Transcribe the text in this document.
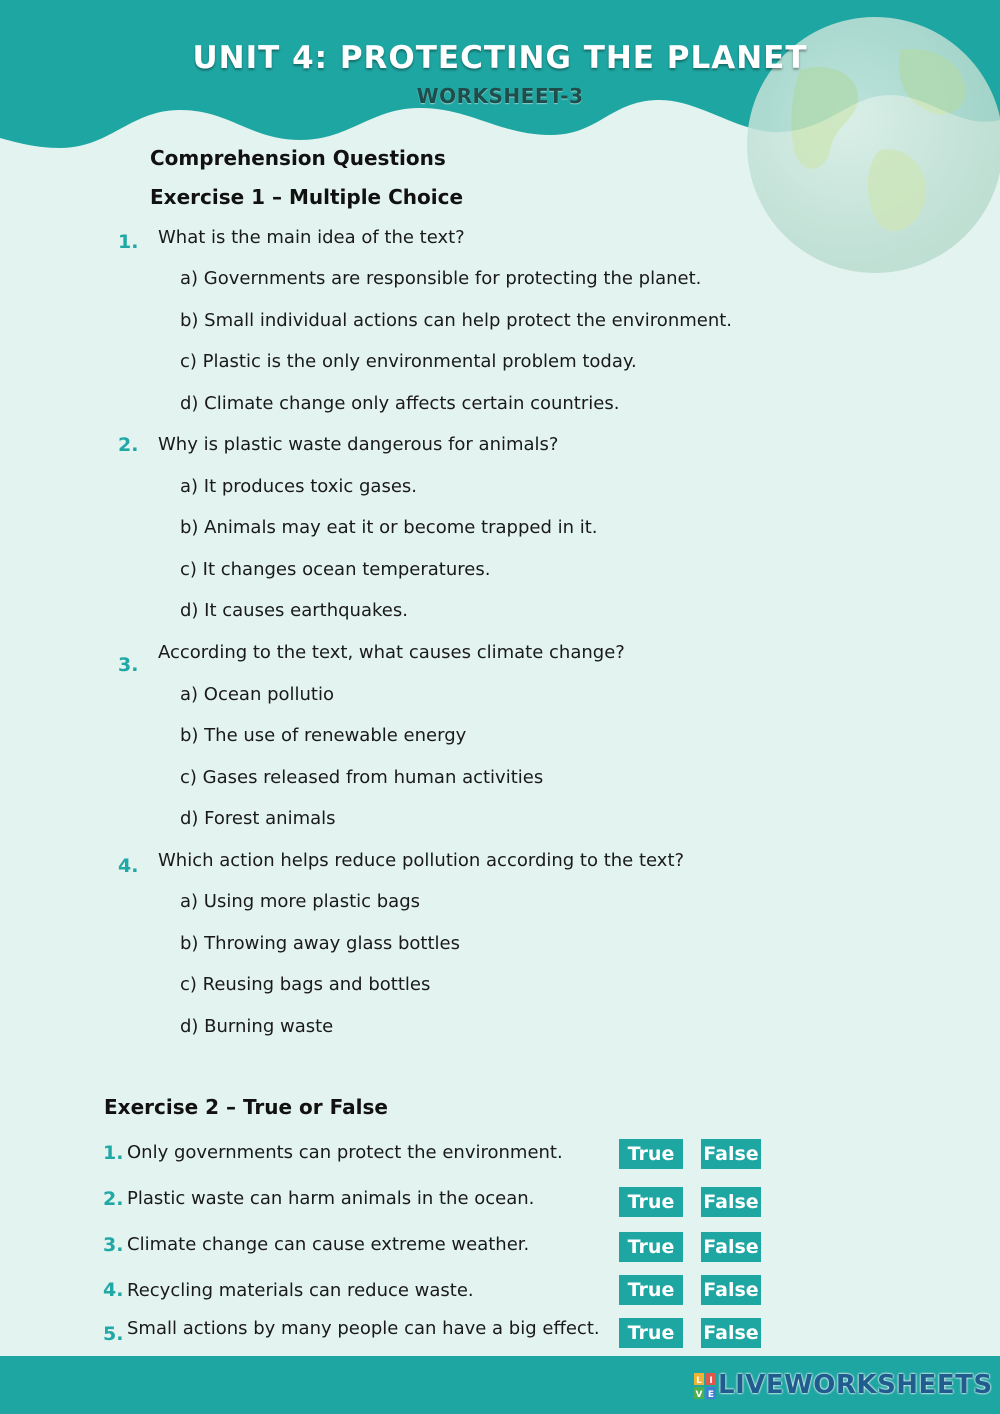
UNIT 4: PROTECTING THE PLANET
WORKSHEET-3
Comprehension Questions
Exercise 1 – Multiple Choice
1. What is the main idea of the text?
a) Governments are responsible for protecting the planet.
b) Small individual actions can help protect the environment.
c) Plastic is the only environmental problem today.
d) Climate change only affects certain countries.
2. Why is plastic waste dangerous for animals?
a) It produces toxic gases.
b) Animals may eat it or become trapped in it.
c) It changes ocean temperatures.
d) It causes earthquakes.
3.
According to the text, what causes climate change?
a) Ocean pollutio
b) The use of renewable energy
c) Gases released from human activities
d) Forest animals
4. Which action helps reduce pollution according to the text?
a) Using more plastic bags
b) Throwing away glass bottles
c) Reusing bags and bottles
d) Burning waste
Exercise 2 – True or False
1. Only governments can protect the environment.	True	False
2. Plastic waste can harm animals in the ocean.	True	False
3. Climate change can cause extreme weather.	True	False
4. Recycling materials can reduce waste.	True	False
5. Small actions by many people can have a big effect.	True	False
L I
V E LIVEWORKSHEETS
